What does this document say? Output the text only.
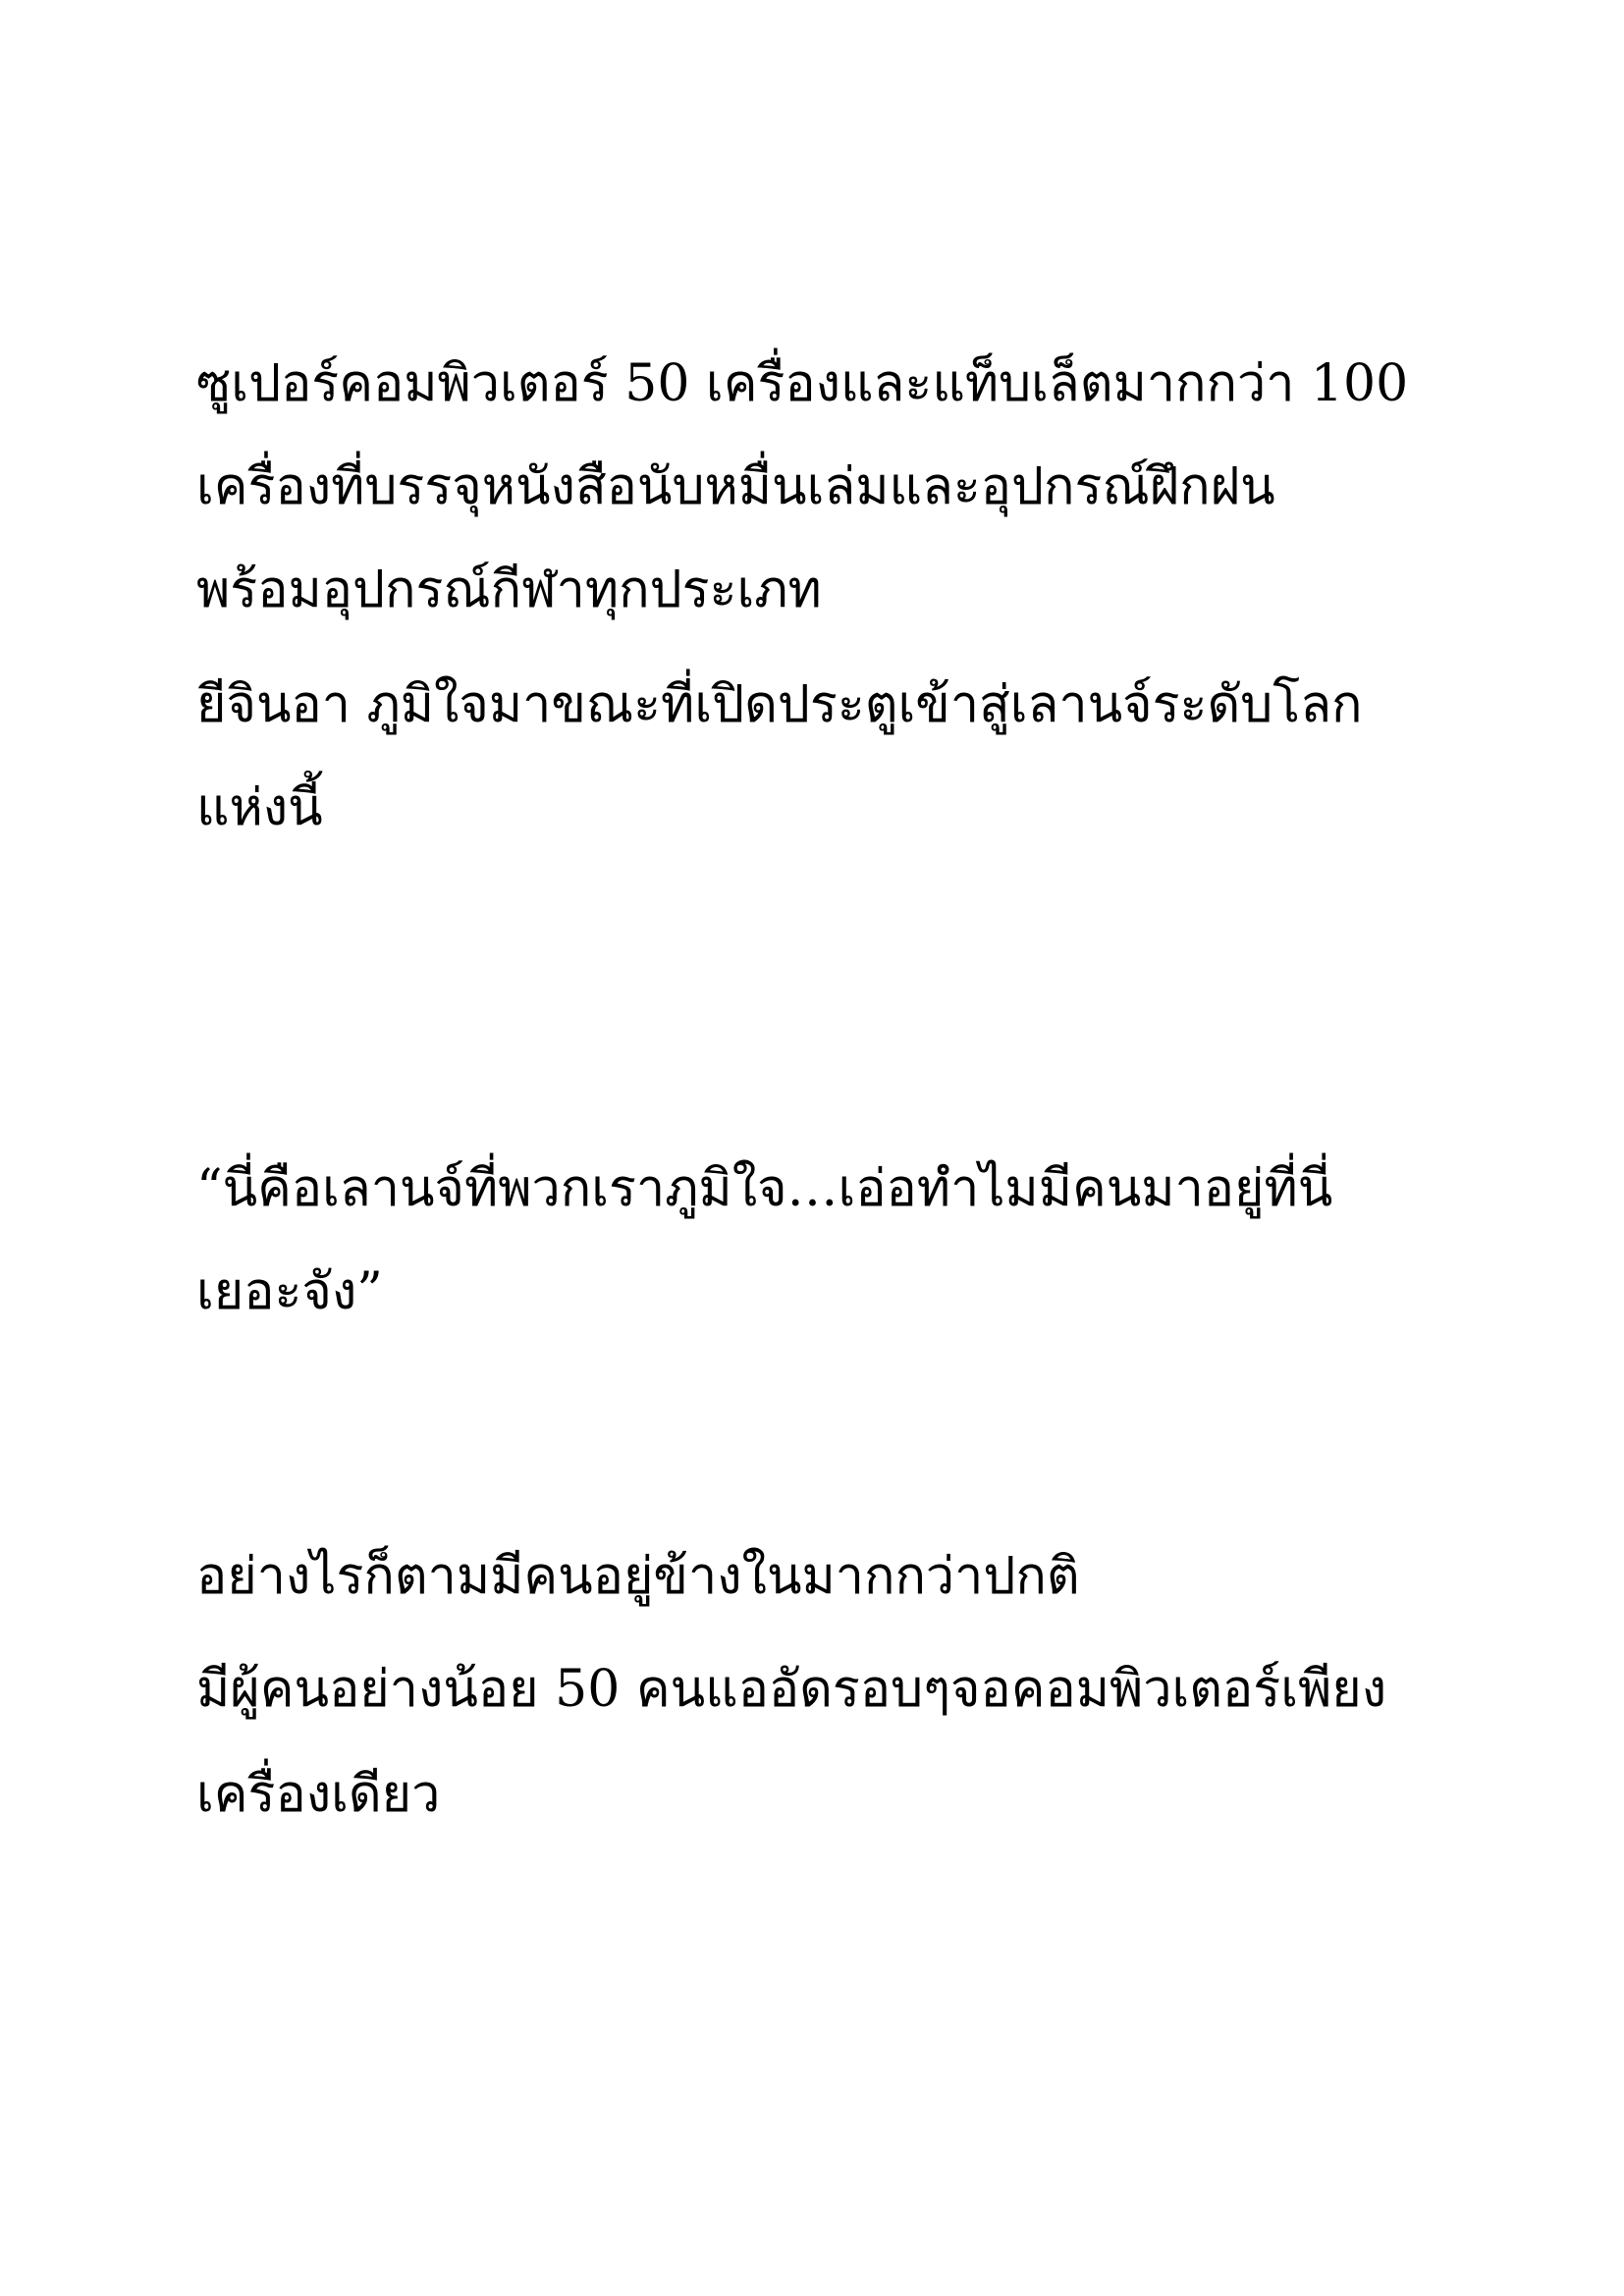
ซูเปอร์คอมพิวเตอร์ 50 เครื่องและแท็บเล็ตมากกว่า 100
เครื่องที่บรรจุหนังสือนับหมื่นเล่มและอุปกรณ์ฝึกฝน
พร้อมอุปกรณ์กีฬาทุกประเภท
ยีจินอา ภูมิใจมาขณะที่เปิดประตูเข้าสู่เลานจ์ระดับโลก
แห่งนี้
“นี่คือเลานจ์ที่พวกเราภูมิใจ…เอ่อทำไมมีคนมาอยู่ที่นี่
เยอะจัง”
อย่างไรก็ตามมีคนอยู่ข้างในมากกว่าปกติ
มีผู้คนอย่างน้อย 50 คนแออัดรอบๆจอคอมพิวเตอร์เพียง
เครื่องเดียว
